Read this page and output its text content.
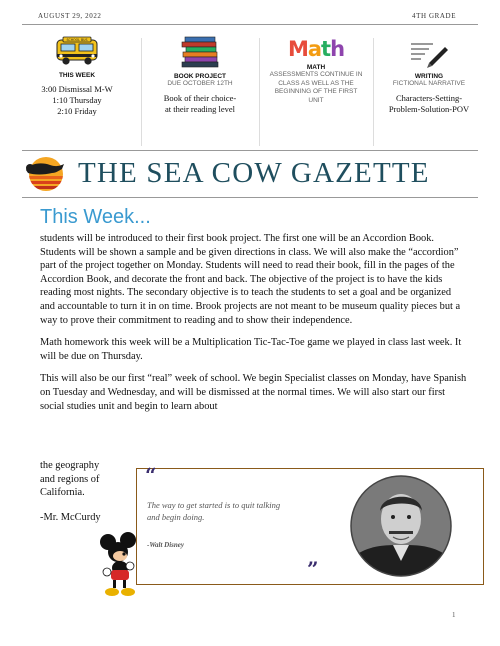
AUGUST 29, 2022	4TH GRADE
SCHOOL BUS
THIS WEEK
3:00 Dismissal M-W
1:10 Thursday
2:10 Friday
BOOK PROJECT
DUE OCTOBER 12TH
Book of their choice-
at their reading level
Math
MATH
ASSESSMENTS CONTINUE IN CLASS AS WELL AS THE BEGINNING OF THE FIRST UNIT
WRITING
FICTIONAL NARRATIVE
Characters-Setting-
Problem-Solution-POV
THE SEA COW GAZETTE
This Week...

students will be introduced to their first book project. The first one will be an Accordion Book. Students will be shown a sample and be given directions in class. We will also make the “accordion” part of the project together on Monday. Students will need to read their book, fill in the pages of the Accordion Book, and decorate the front and back. The objective of the project is to have the kids reading most nights. The secondary objective is to teach the students to set a goal and be organized and accountable to turn it in on time. Brook projects are not meant to be museum quality pieces but a way to prove their commitment to reading and to show their independence.

Math homework this week will be a Multiplication Tic-Tac-Toe game we played in class last week. It will be due on Thursday.

This will also be our first “real” week of school. We begin Specialist classes on Monday, have Spanish on Tuesday and Wednesday, and will be dismissed at the normal times. We will also start our first social studies unit and begin to learn about

the geography

and regions of

California.

-Mr. McCurdy
“
The way to get started is to quit talking
and begin doing.
-Walt Disney
”
1
